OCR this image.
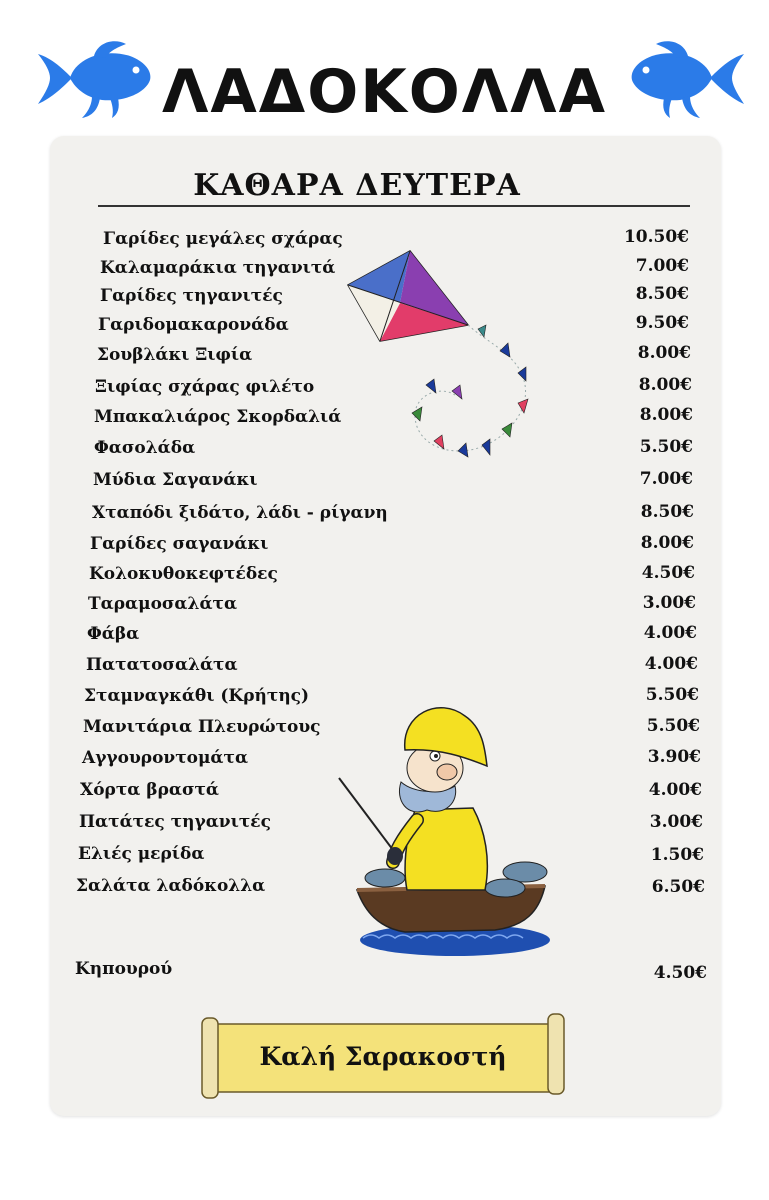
ΛΑΔΟΚΟΛΛΑ
ΚΑΘΑΡΑ ΔΕΥΤΕΡΑ
Γαρίδες μεγάλες σχάρας	10.50€
Καλαμαράκια τηγανιτά	7.00€
Γαρίδες τηγανιτές	8.50€
Γαριδομακαρονάδα	9.50€
Σουβλάκι Ξιφία	8.00€
Ξιφίας σχάρας φιλέτο	8.00€
Μπακαλιάρος Σκορδαλιά	8.00€
Φασολάδα	5.50€
Μύδια Σαγανάκι	7.00€
Χταπόδι ξιδάτο, λάδι - ρίγανη	8.50€
Γαρίδες σαγανάκι	8.00€
Κολοκυθοκεφτέδες	4.50€
Ταραμοσαλάτα	3.00€
Φάβα	4.00€
Πατατοσαλάτα	4.00€
Σταμναγκάθι (Κρήτης)	5.50€
Μανιτάρια Πλευρώτους	5.50€
Αγγουροντομάτα	3.90€
Χόρτα βραστά	4.00€
Πατάτες τηγανιτές	3.00€
Ελιές μερίδα	1.50€
Σαλάτα λαδόκολλα	6.50€
Κηπουρού	4.50€
Καλή Σαρακοστή
